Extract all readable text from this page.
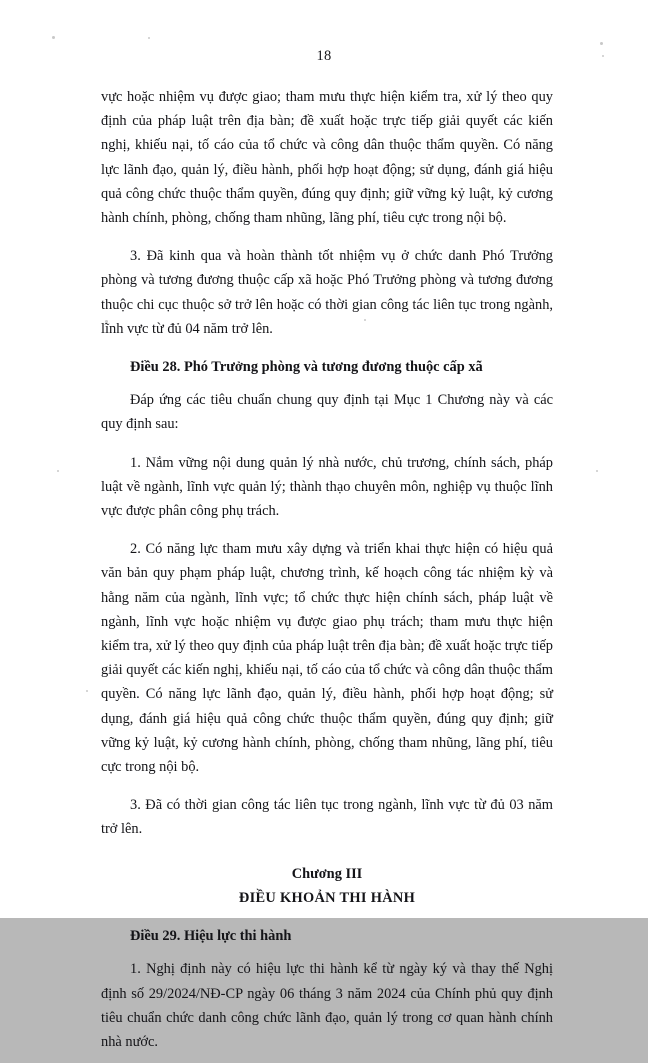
18

vực hoặc nhiệm vụ được giao; tham mưu thực hiện kiểm tra, xử lý theo quy định của pháp luật trên địa bàn; đề xuất hoặc trực tiếp giải quyết các kiến nghị, khiếu nại, tố cáo của tổ chức và công dân thuộc thẩm quyền. Có năng lực lãnh đạo, quản lý, điều hành, phối hợp hoạt động; sử dụng, đánh giá hiệu quả công chức thuộc thẩm quyền, đúng quy định; giữ vững kỷ luật, kỷ cương hành chính, phòng, chống tham nhũng, lãng phí, tiêu cực trong nội bộ.

3. Đã kinh qua và hoàn thành tốt nhiệm vụ ở chức danh Phó Trưởng phòng và tương đương thuộc cấp xã hoặc Phó Trưởng phòng và tương đương thuộc chi cục thuộc sở trở lên hoặc có thời gian công tác liên tục trong ngành, lĩnh vực từ đủ 04 năm trở lên.

Điều 28. Phó Trưởng phòng và tương đương thuộc cấp xã

Đáp ứng các tiêu chuẩn chung quy định tại Mục 1 Chương này và các quy định sau:

1. Nắm vững nội dung quản lý nhà nước, chủ trương, chính sách, pháp luật về ngành, lĩnh vực quản lý; thành thạo chuyên môn, nghiệp vụ thuộc lĩnh vực được phân công phụ trách.

2. Có năng lực tham mưu xây dựng và triển khai thực hiện có hiệu quả văn bản quy phạm pháp luật, chương trình, kế hoạch công tác nhiệm kỳ và hằng năm của ngành, lĩnh vực; tổ chức thực hiện chính sách, pháp luật về ngành, lĩnh vực hoặc nhiệm vụ được giao phụ trách; tham mưu thực hiện kiểm tra, xử lý theo quy định của pháp luật trên địa bàn; đề xuất hoặc trực tiếp giải quyết các kiến nghị, khiếu nại, tố cáo của tổ chức và công dân thuộc thẩm quyền. Có năng lực lãnh đạo, quản lý, điều hành, phối hợp hoạt động; sử dụng, đánh giá hiệu quả công chức thuộc thẩm quyền, đúng quy định; giữ vững kỷ luật, kỷ cương hành chính, phòng, chống tham nhũng, lãng phí, tiêu cực trong nội bộ.

3. Đã có thời gian công tác liên tục trong ngành, lĩnh vực từ đủ 03 năm trở lên.

Chương III

ĐIỀU KHOẢN THI HÀNH

Điều 29. Hiệu lực thi hành

1. Nghị định này có hiệu lực thi hành kể từ ngày ký và thay thế Nghị định số 29/2024/NĐ-CP ngày 06 tháng 3 năm 2024 của Chính phủ quy định tiêu chuẩn chức danh công chức lãnh đạo, quản lý trong cơ quan hành chính nhà nước.
